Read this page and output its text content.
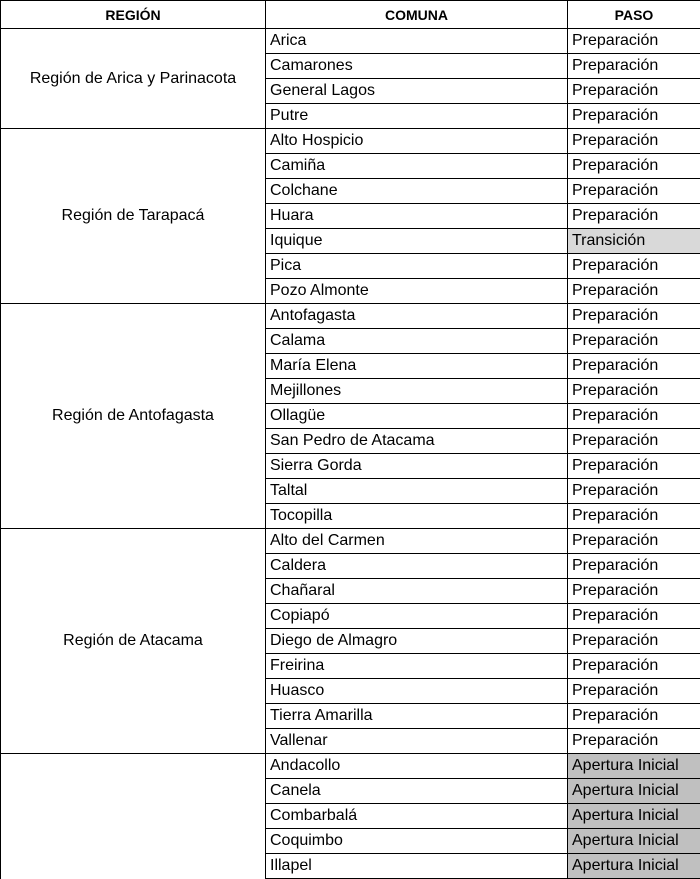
REGIÓN	COMUNA	PASO
Región de Arica y Parinacota	Arica	Preparación
	Camarones	Preparación
	General Lagos	Preparación
	Putre	Preparación
Región de Tarapacá	Alto Hospicio	Preparación
	Camiña	Preparación
	Colchane	Preparación
	Huara	Preparación
	Iquique	Transición
	Pica	Preparación
	Pozo Almonte	Preparación
Región de Antofagasta	Antofagasta	Preparación
	Calama	Preparación
	María Elena	Preparación
	Mejillones	Preparación
	Ollagüe	Preparación
	San Pedro de Atacama	Preparación
	Sierra Gorda	Preparación
	Taltal	Preparación
	Tocopilla	Preparación
Región de Atacama	Alto del Carmen	Preparación
	Caldera	Preparación
	Chañaral	Preparación
	Copiapó	Preparación
	Diego de Almagro	Preparación
	Freirina	Preparación
	Huasco	Preparación
	Tierra Amarilla	Preparación
	Vallenar	Preparación
	Andacollo	Apertura Inicial
	Canela	Apertura Inicial
	Combarbalá	Apertura Inicial
	Coquimbo	Apertura Inicial
	Illapel	Apertura Inicial
